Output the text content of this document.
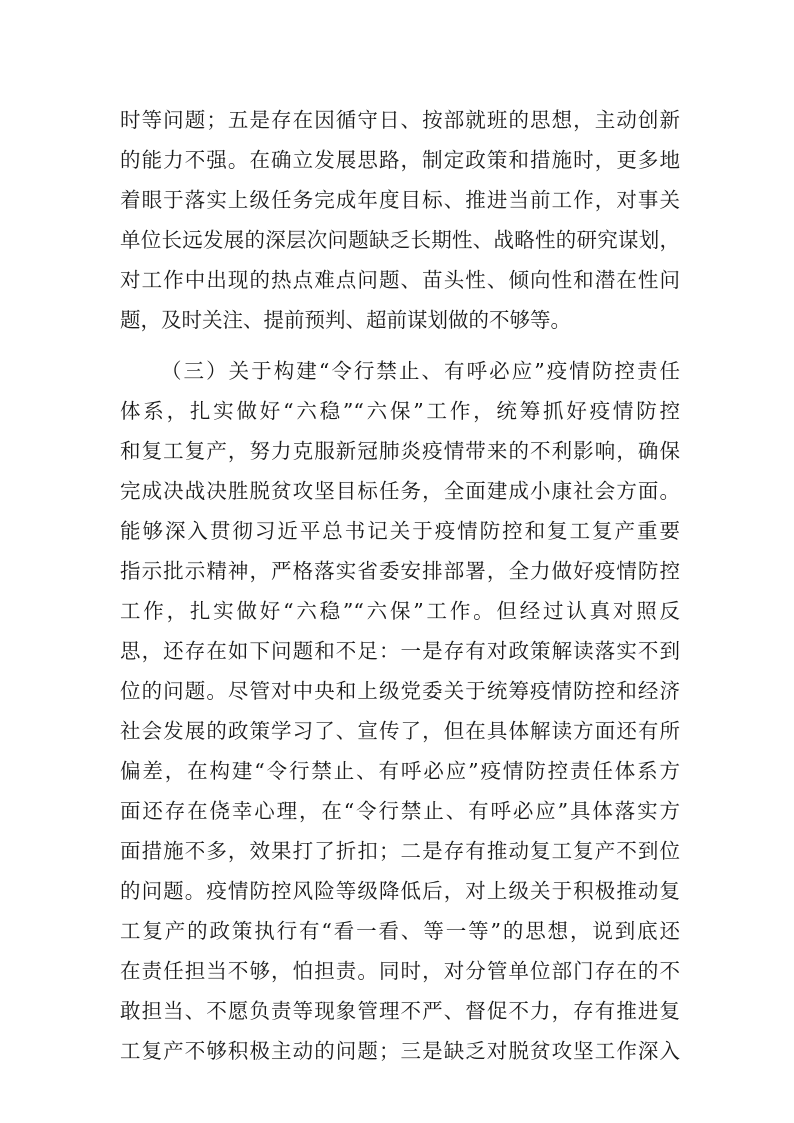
时等问题；五是存在因循守日、按部就班的思想，主动创新
的能力不强。在确立发展思路，制定政策和措施时，更多地
着眼于落实上级任务完成年度目标、推进当前工作，对事关
单位长远发展的深层次问题缺乏长期性、战略性的研究谋划，
对工作中出现的热点难点问题、苗头性、倾向性和潜在性问
题，及时关注、提前预判、超前谋划做的不够等。
（三）关于构建“令行禁止、有呼必应”疫情防控责任
体系，扎实做好“六稳”“六保”工作，统筹抓好疫情防控
和复工复产，努力克服新冠肺炎疫情带来的不利影响，确保
完成决战决胜脱贫攻坚目标任务，全面建成小康社会方面。
能够深入贯彻习近平总书记关于疫情防控和复工复产重要
指示批示精神，严格落实省委安排部署，全力做好疫情防控
工作，扎实做好“六稳”“六保”工作。但经过认真对照反
思，还存在如下问题和不足：一是存有对政策解读落实不到
位的问题。尽管对中央和上级党委关于统筹疫情防控和经济
社会发展的政策学习了、宣传了，但在具体解读方面还有所
偏差，在构建“令行禁止、有呼必应”疫情防控责任体系方
面还存在侥幸心理，在“令行禁止、有呼必应”具体落实方
面措施不多，效果打了折扣；二是存有推动复工复产不到位
的问题。疫情防控风险等级降低后，对上级关于积极推动复
工复产的政策执行有“看一看、等一等”的思想，说到底还
在责任担当不够，怕担责。同时，对分管单位部门存在的不
敢担当、不愿负责等现象管理不严、督促不力，存有推进复
工复产不够积极主动的问题；三是缺乏对脱贫攻坚工作深入
